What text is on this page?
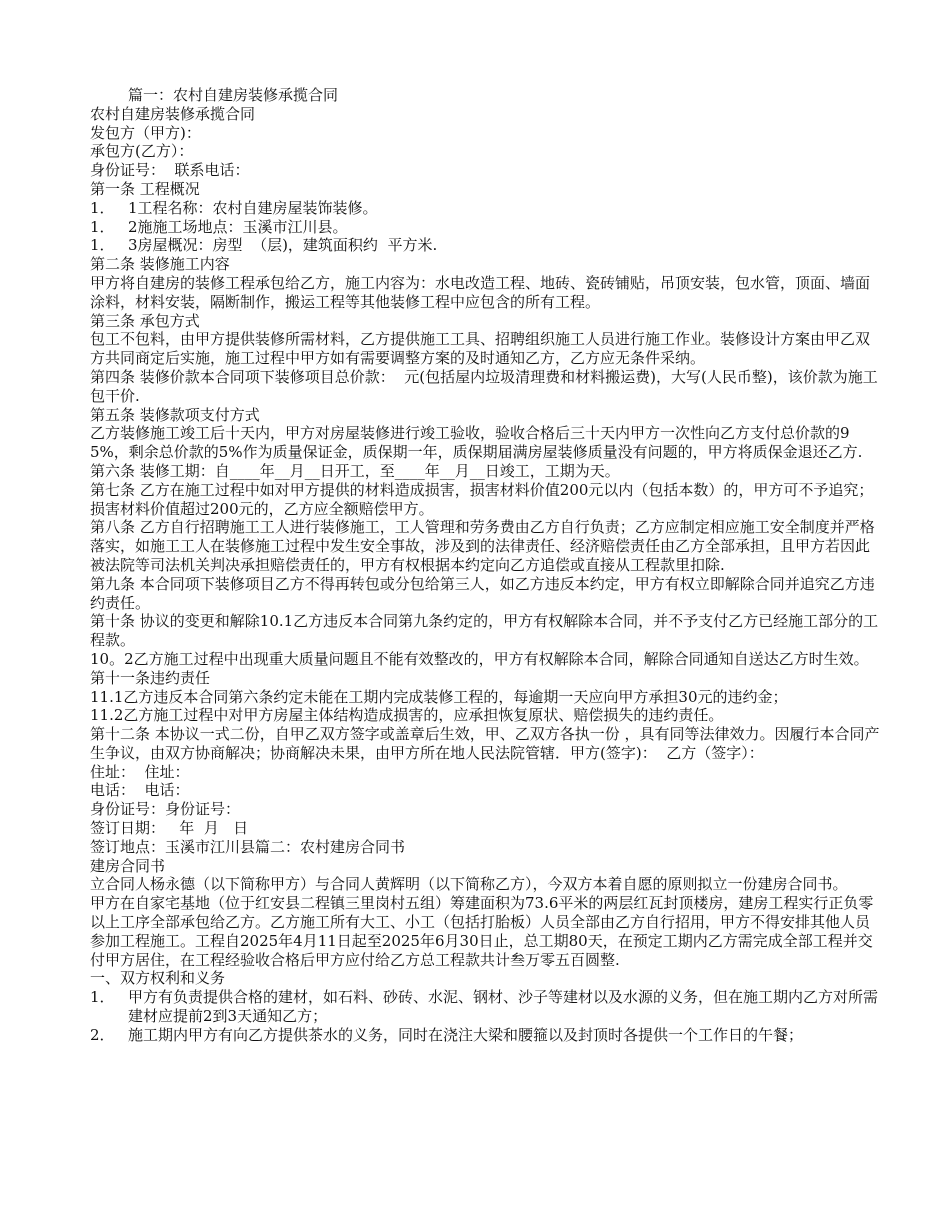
篇一：农村自建房装修承揽合同
农村自建房装修承揽合同
发包方（甲方)：
承包方(乙方）：
身份证号：  联系电话：
第一条 工程概况
1． 1工程名称：农村自建房屋装饰装修。
1． 2施施工场地点：玉溪市江川县。
1． 3房屋概况：房型  （层)，建筑面积约  平方米.
第二条 装修施工内容
甲方将自建房的装修工程承包给乙方，施工内容为：水电改造工程、地砖、瓷砖铺贴，吊顶安装，包水管，顶面、墙面涂料，材料安装，隔断制作，搬运工程等其他装修工程中应包含的所有工程。
第三条 承包方式
包工不包料，由甲方提供装修所需材料，乙方提供施工工具、招聘组织施工人员进行施工作业。装修设计方案由甲乙双方共同商定后实施，施工过程中甲方如有需要调整方案的及时通知乙方，乙方应无条件采纳。
第四条 装修价款本合同项下装修项目总价款：  元(包括屋内垃圾清理费和材料搬运费)，大写(人民币整)，该价款为施工包干价.
第五条 装修款项支付方式
乙方装修施工竣工后十天内，甲方对房屋装修进行竣工验收，验收合格后三十天内甲方一次性向乙方支付总价款的95%，剩余总价款的5%作为质量保证金，质保期一年，质保期届满房屋装修质量没有问题的，甲方将质保金退还乙方.
第六条 装修工期：自____年__月__日开工，至____年__月__日竣工，工期为天。
第七条 乙方在施工过程中如对甲方提供的材料造成损害，损害材料价值200元以内（包括本数）的，甲方可不予追究；损害材料价值超过200元的，乙方应全额赔偿甲方。
第八条 乙方自行招聘施工工人进行装修施工，工人管理和劳务费由乙方自行负责；乙方应制定相应施工安全制度并严格落实，如施工工人在装修施工过程中发生安全事故，涉及到的法律责任、经济赔偿责任由乙方全部承担，且甲方若因此被法院等司法机关判决承担赔偿责任的，甲方有权根据本约定向乙方追偿或直接从工程款里扣除.
第九条 本合同项下装修项目乙方不得再转包或分包给第三人，如乙方违反本约定，甲方有权立即解除合同并追究乙方违约责任。
第十条 协议的变更和解除10.1乙方违反本合同第九条约定的，甲方有权解除本合同，并不予支付乙方已经施工部分的工程款。
10。2乙方施工过程中出现重大质量问题且不能有效整改的，甲方有权解除本合同，解除合同通知自送达乙方时生效。
第十一条违约责任
11.1乙方违反本合同第六条约定未能在工期内完成装修工程的，每逾期一天应向甲方承担30元的违约金；
11.2乙方施工过程中对甲方房屋主体结构造成损害的，应承担恢复原状、赔偿损失的违约责任。
第十二条 本协议一式二份，自甲乙双方签字或盖章后生效，甲、乙双方各执一份 ，具有同等法律效力。因履行本合同产生争议，由双方协商解决；协商解决未果，由甲方所在地人民法院管辖．甲方(签字)：  乙方（签字）：
住址：  住址：
电话：  电话：
身份证号：身份证号：
签订日期：   年  月   日
签订地点：玉溪市江川县篇二：农村建房合同书
建房合同书
立合同人杨永德（以下简称甲方）与合同人黄辉明（以下简称乙方），今双方本着自愿的原则拟立一份建房合同书。
甲方在自家宅基地（位于红安县二程镇三里岗村五组）筹建面积为73.6平米的两层红瓦封顶楼房，建房工程实行正负零以上工序全部承包给乙方。乙方施工所有大工、小工（包括打胎板）人员全部由乙方自行招用，甲方不得安排其他人员参加工程施工。工程自2025年4月11日起至2025年6月30日止，总工期80天，在预定工期内乙方需完成全部工程并交付甲方居住，在工程经验收合格后甲方应付给乙方总工程款共计叁万零五百圆整.
一、双方权利和义务
1． 甲方有负责提供合格的建材，如石料、砂砖、水泥、钢材、沙子等建材以及水源的义务，但在施工期内乙方对所需建材应提前2到3天通知乙方；
2． 施工期内甲方有向乙方提供茶水的义务，同时在浇注大梁和腰箍以及封顶时各提供一个工作日的午餐；
